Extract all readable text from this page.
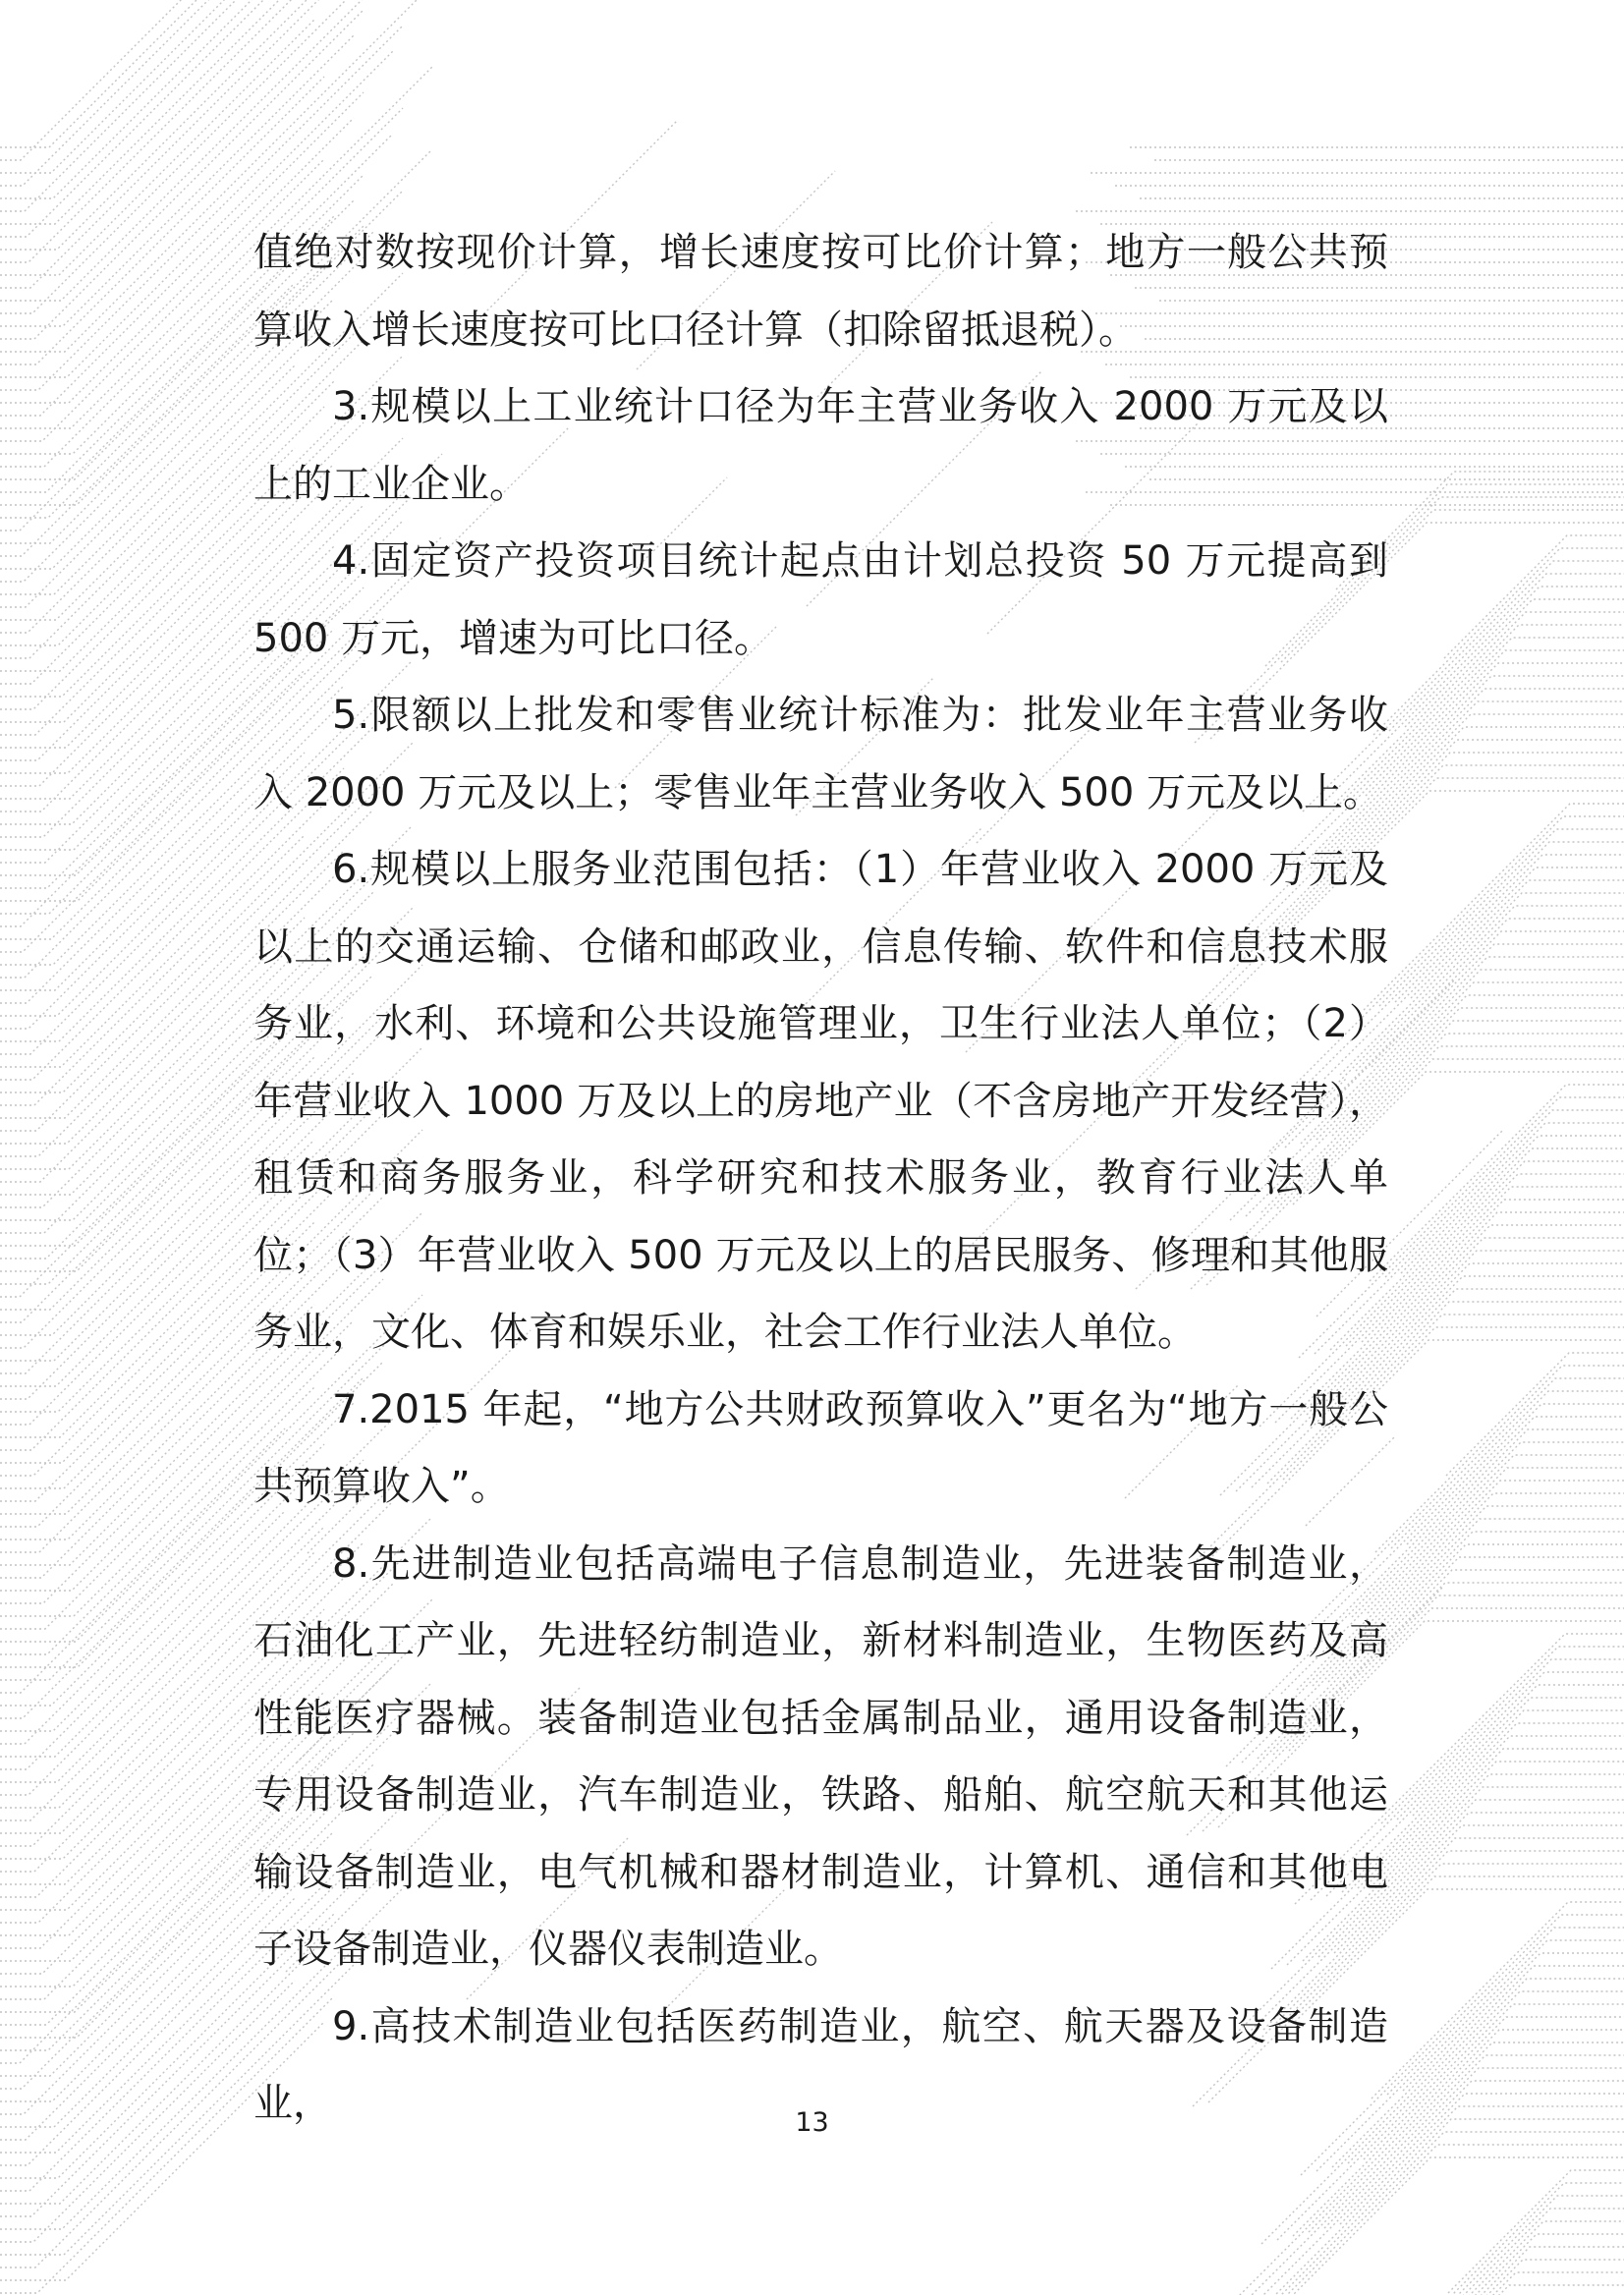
值绝对数按现价计算，增长速度按可比价计算；地方一般公共预算收入增长速度按可比口径计算（扣除留抵退税）。

3.规模以上工业统计口径为年主营业务收入 2000 万元及以上的工业企业。

4.固定资产投资项目统计起点由计划总投资 50 万元提高到 500 万元，增速为可比口径。

5.限额以上批发和零售业统计标准为：批发业年主营业务收入 2000 万元及以上；零售业年主营业务收入 500 万元及以上。

6.规模以上服务业范围包括：（1）年营业收入 2000 万元及以上的交通运输、仓储和邮政业，信息传输、软件和信息技术服务业，水利、环境和公共设施管理业，卫生行业法人单位；（2）年营业收入 1000 万及以上的房地产业（不含房地产开发经营），租赁和商务服务业，科学研究和技术服务业，教育行业法人单位；（3）年营业收入 500 万元及以上的居民服务、修理和其他服务业，文化、体育和娱乐业，社会工作行业法人单位。

7.2015 年起，“地方公共财政预算收入”更名为“地方一般公共预算收入”。

8.先进制造业包括高端电子信息制造业，先进装备制造业，石油化工产业，先进轻纺制造业，新材料制造业，生物医药及高性能医疗器械。装备制造业包括金属制品业，通用设备制造业，专用设备制造业，汽车制造业，铁路、船舶、航空航天和其他运输设备制造业，电气机械和器材制造业，计算机、通信和其他电子设备制造业，仪器仪表制造业。

9.高技术制造业包括医药制造业，航空、航天器及设备制造业，	13
